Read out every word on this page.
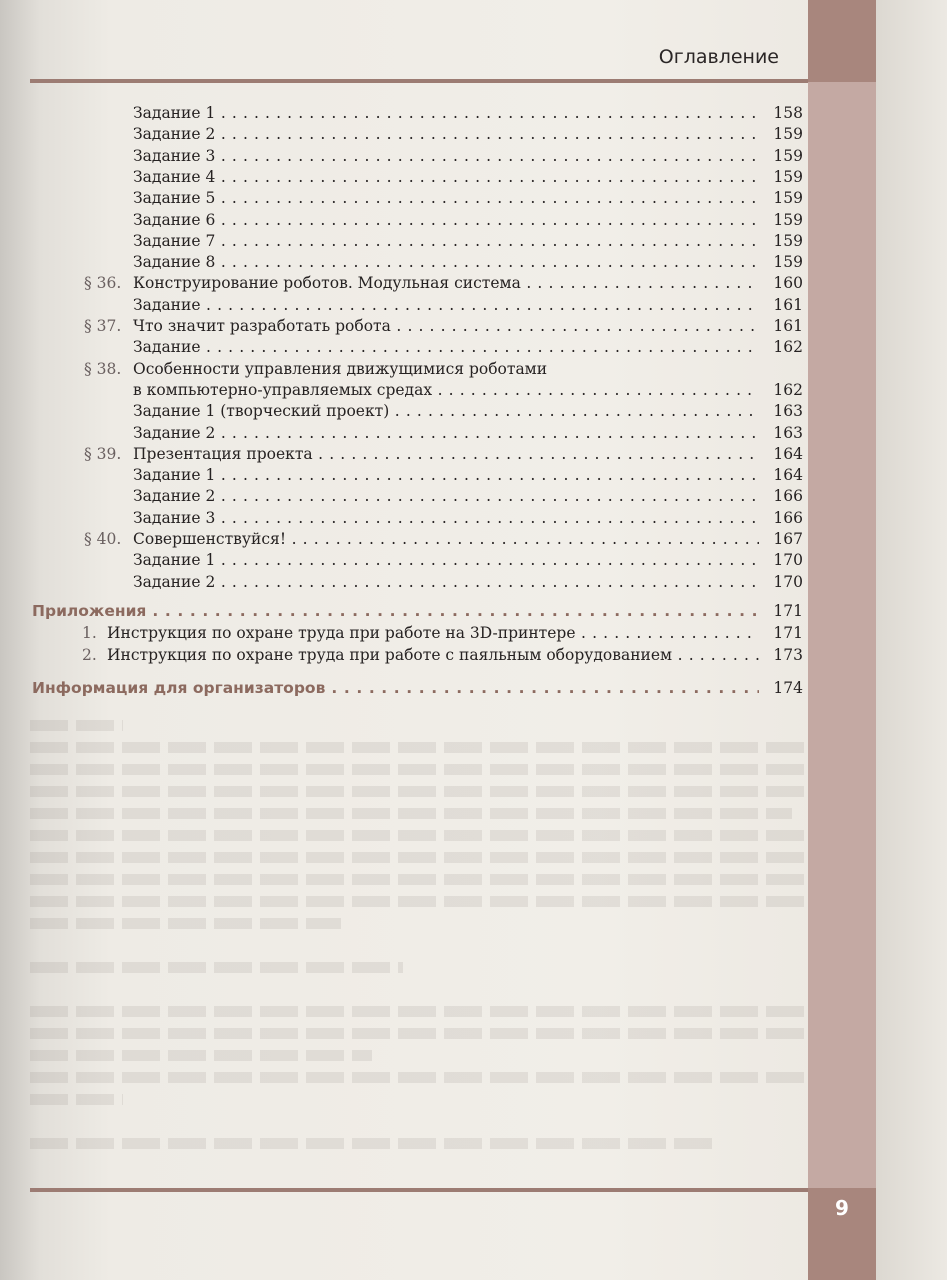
Оглавление
9
Задание 1 . . .	158
Задание 2 . . .	159
Задание 3 . . .	159
Задание 4 . . .	159
Задание 5 . . .	159
Задание 6 . . .	159
Задание 7 . . .	159
Задание 8 . . .	159
§ 36. Конструирование роботов. Модульная система . . .	160
Задание . . .	161
§ 37. Что значит разработать робота . . .	161
Задание . . .	162
§ 38. Особенности управления движущимися роботами
в компьютерно-управляемых средах . . .	162
Задание 1 (творческий проект) . . .	163
Задание 2 . . .	163
§ 39. Презентация проекта . . .	164
Задание 1 . . .	164
Задание 2 . . .	166
Задание 3 . . .	166
§ 40. Совершенствуйся! . . .	167
Задание 1 . . .	170
Задание 2 . . .	170
Приложения . . .	171
1. Инструкция по охране труда при работе на 3D-принтере . . .	171
2. Инструкция по охране труда при работе с паяльным оборудованием . . .	173
Информация для организаторов . . .	174
